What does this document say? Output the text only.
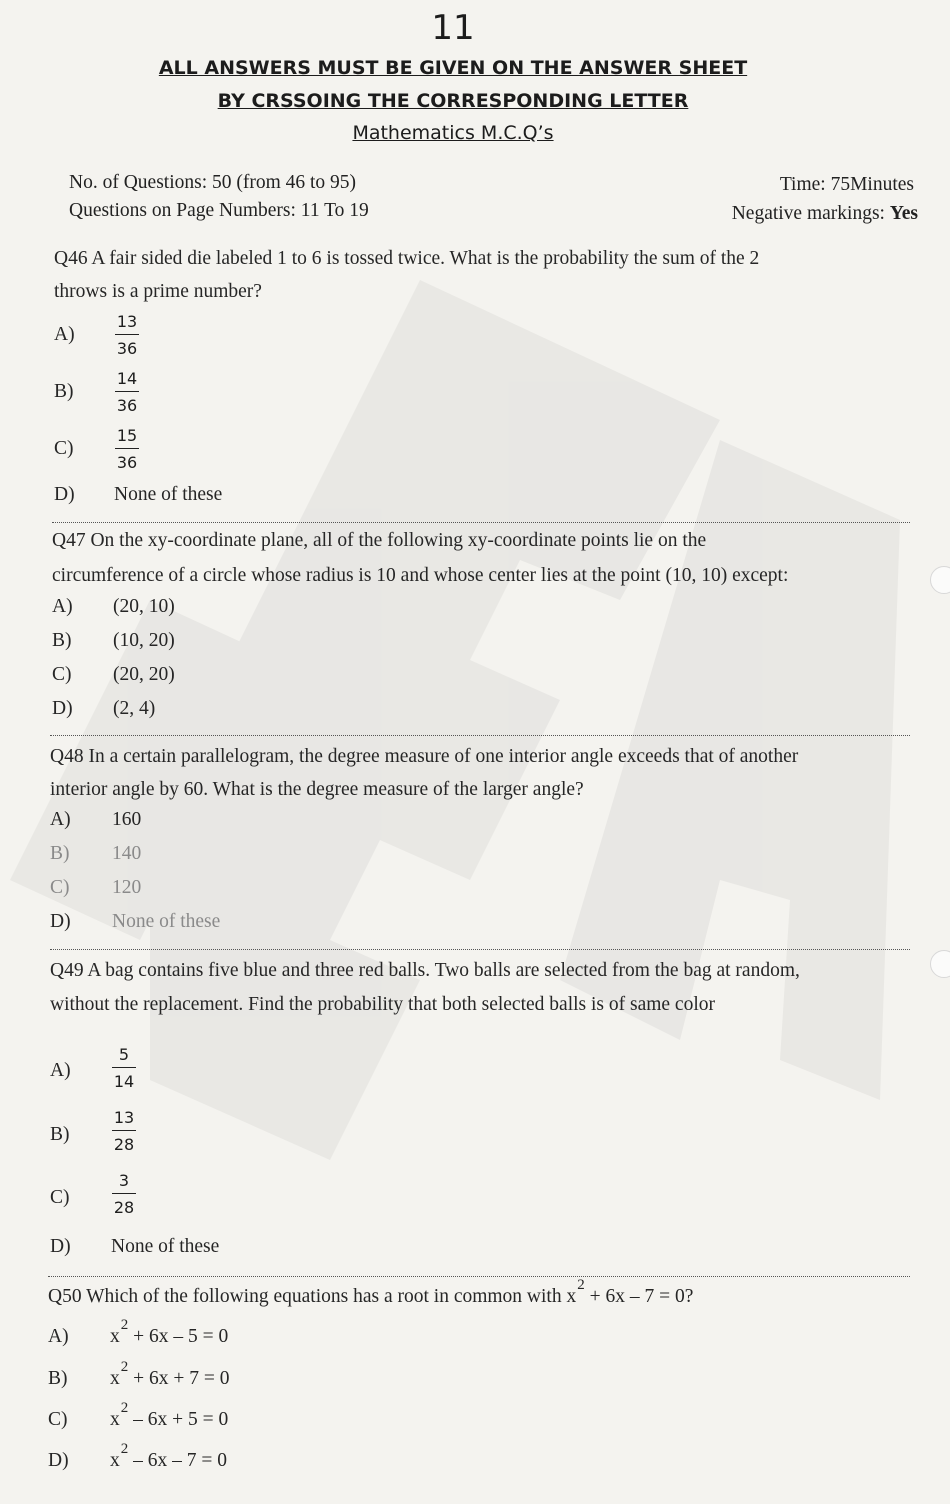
11
ALL ANSWERS MUST BE GIVEN ON THE ANSWER SHEET
BY CRSSOING THE CORRESPONDING LETTER
Mathematics M.C.Q’s
No. of Questions: 50 (from 46 to 95)
Questions on Page Numbers: 11 To 19
Time: 75Minutes
Negative markings: Yes
Q46 A fair sided die labeled 1 to 6 is tossed twice. What is the probability the sum of the 2
throws is a prime number?
A)
13
36
B)
14
36
C)
15
36
D) None of these
Q47 On the xy-coordinate plane, all of the following xy-coordinate points lie on the
circumference of a circle whose radius is 10 and whose center lies at the point (10, 10) except:
A) (20, 10)
B) (10, 20)
C) (20, 20)
D) (2, 4)
Q48 In a certain parallelogram, the degree measure of one interior angle exceeds that of another
interior angle by 60. What is the degree measure of the larger angle?
A) 160
B) 140
C) 120
D) None of these
Q49 A bag contains five blue and three red balls. Two balls are selected from the bag at random,
without the replacement. Find the probability that both selected balls is of same color
A)
5
14
B)
13
28
C)
3
28
D) None of these
Q50 Which of the following equations has a root in common with $x^2 + 6x - 7 = 0$?
A) $x^2 + 6x - 5 = 0$
B) $x^2 + 6x + 7 = 0$
C) $x^2 - 6x + 5 = 0$
D) $x^2 - 6x - 7 = 0$
